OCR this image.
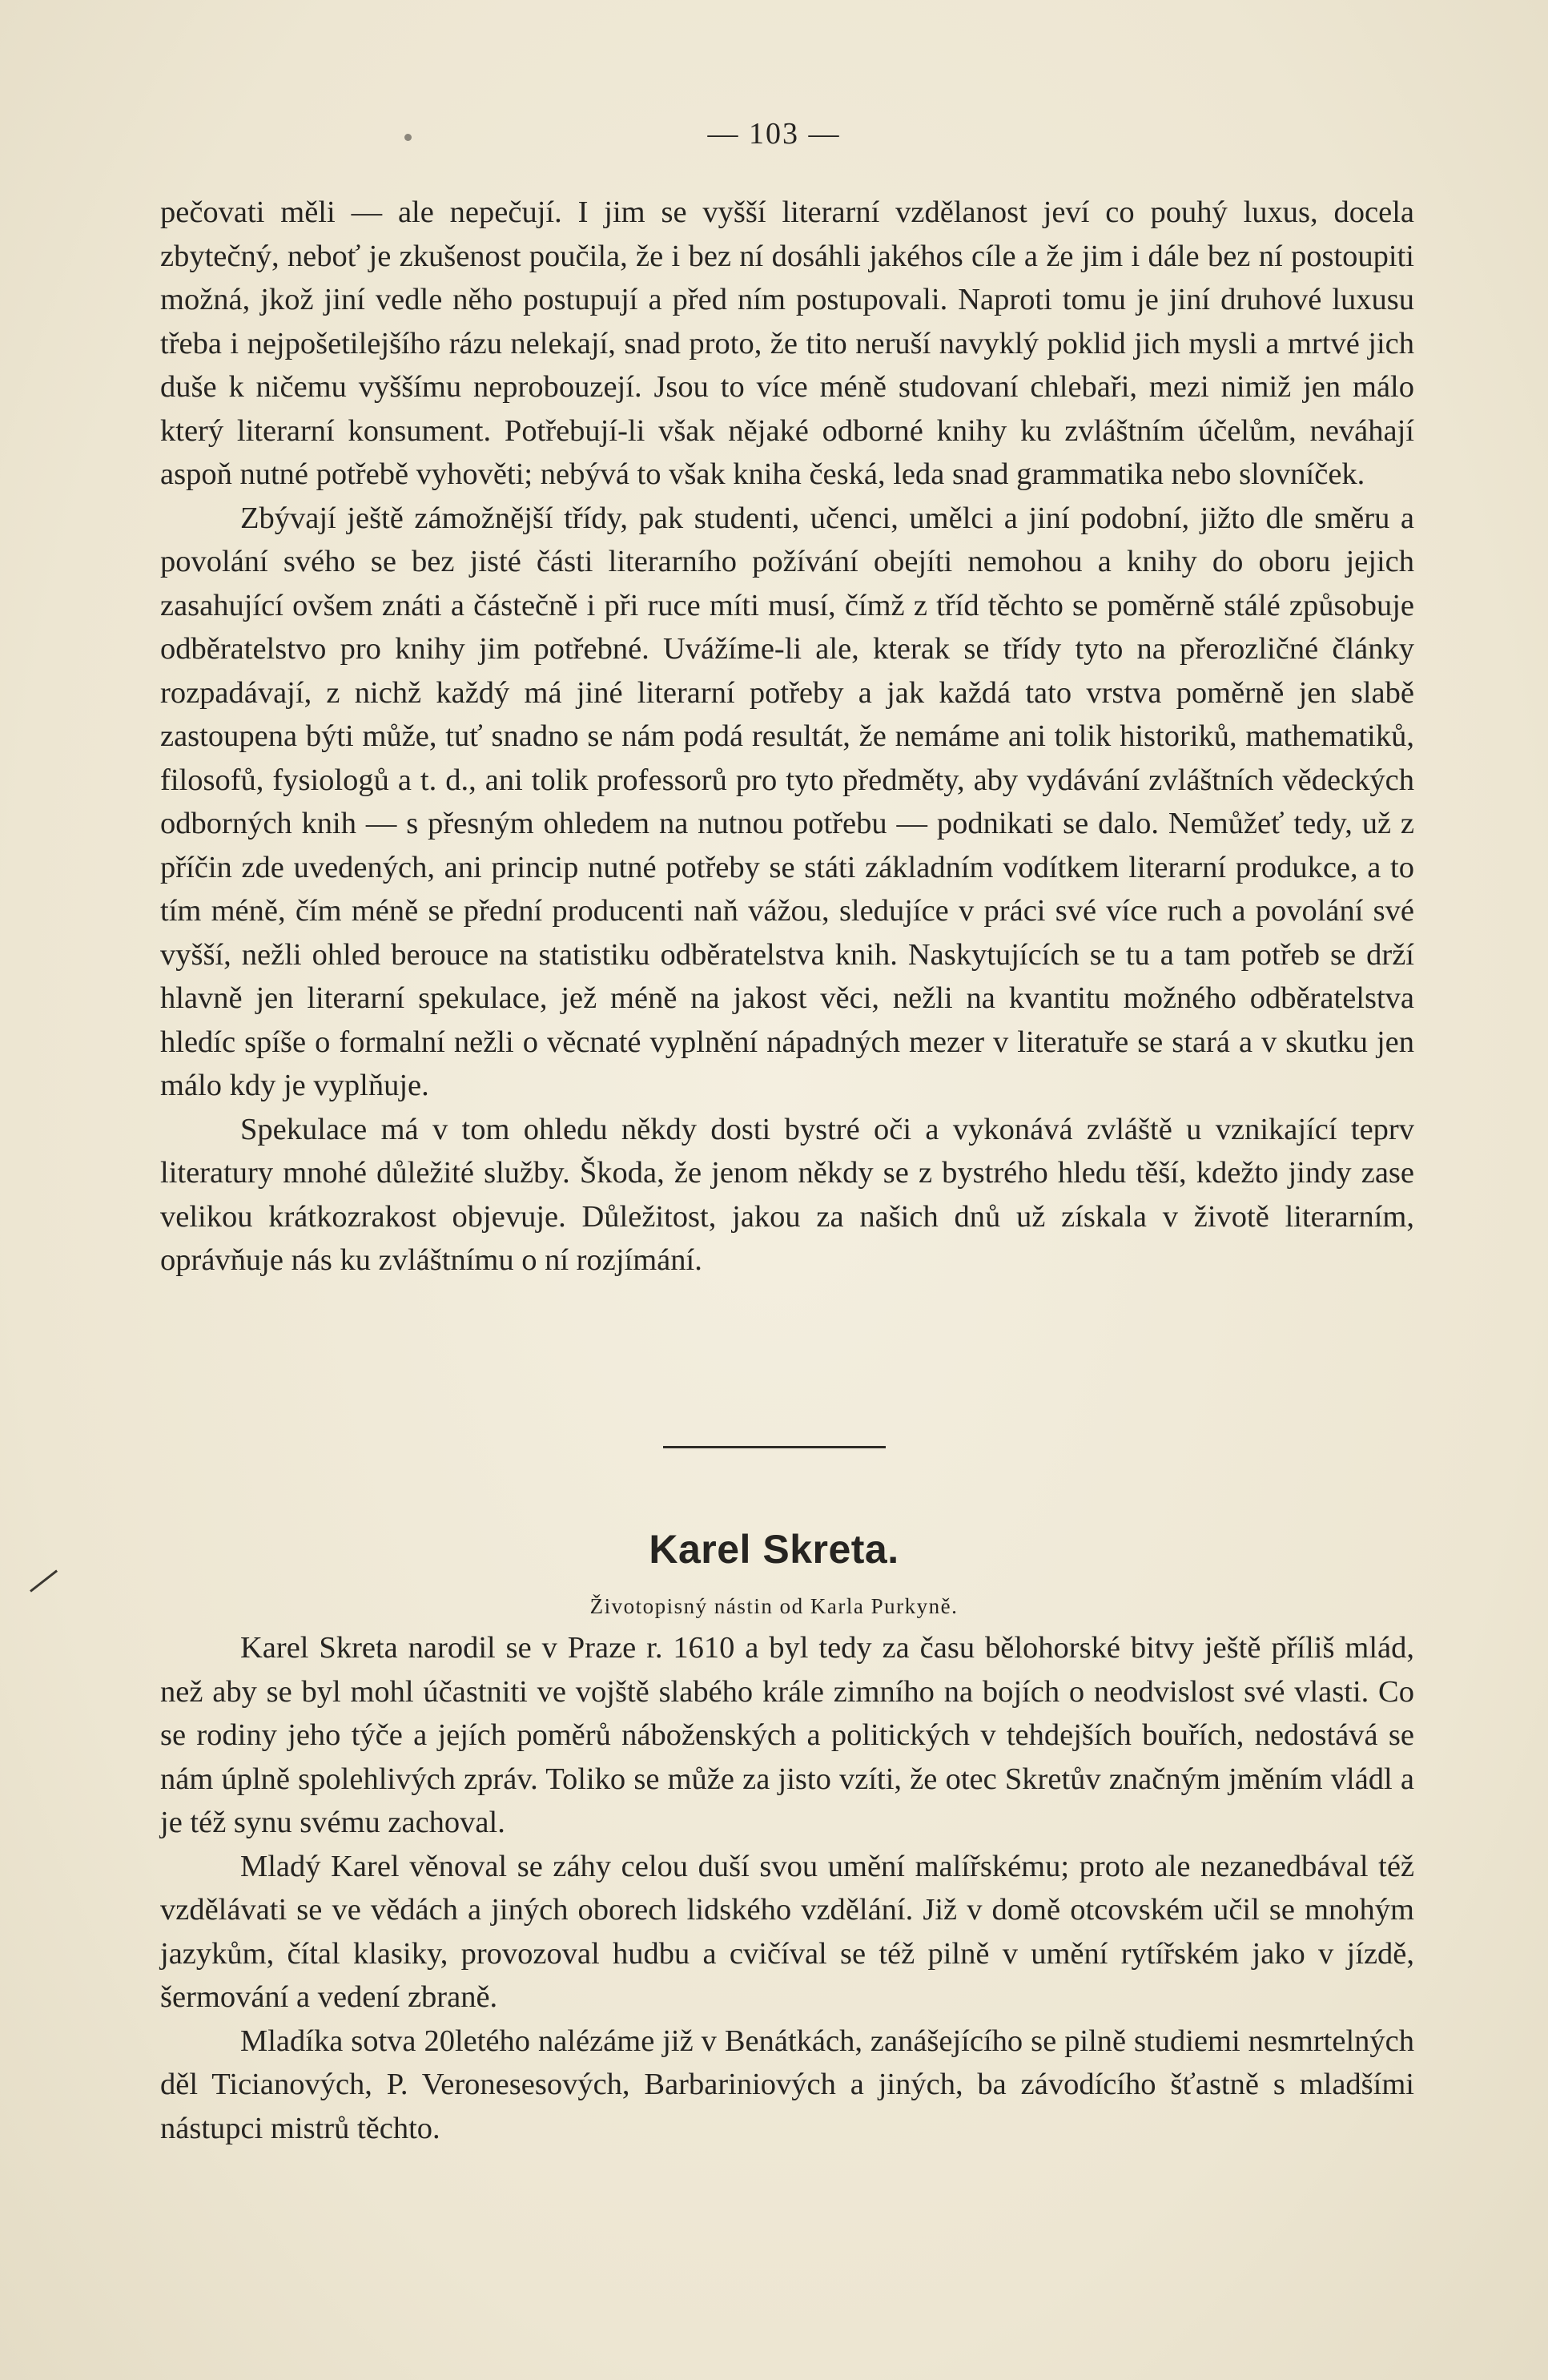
— 103 —

pečovati měli — ale nepečují. I jim se vyšší literarní vzdělanost jeví co pouhý luxus, docela zbytečný, neboť je zkušenost poučila, že i bez ní dosáhli jakéhos cíle a že jim i dále bez ní postoupiti možná, jkož jiní vedle něho postupují a před ním postupovali. Naproti tomu je jiní druhové luxusu třeba i nejpošetilejšího rázu nelekají, snad proto, že tito neruší navyklý poklid jich mysli a mrtvé jich duše k ničemu vyššímu neprobouzejí. Jsou to více méně studovaní chlebaři, mezi nimiž jen málo který literarní konsument. Potřebují-li však nějaké odborné knihy ku zvláštním účelům, neváhají aspoň nutné potřebě vyhověti; nebývá to však kniha česká, leda snad grammatika nebo slovníček.

Zbývají ještě zámožnější třídy, pak studenti, učenci, umělci a jiní podobní, jižto dle směru a povolání svého se bez jisté části literarního požívání obejíti nemohou a knihy do oboru jejich zasahující ovšem znáti a částečně i při ruce míti musí, čímž z tříd těchto se poměrně stálé způsobuje odběratelstvo pro knihy jim potřebné. Uvážíme-li ale, kterak se třídy tyto na přerozličné články rozpadávají, z nichž každý má jiné literarní potřeby a jak každá tato vrstva poměrně jen slabě zastoupena býti může, tuť snadno se nám podá resultát, že nemáme ani tolik historiků, mathematiků, filosofů, fysiologů a t. d., ani tolik professorů pro tyto předměty, aby vydávání zvláštních vědeckých odborných knih — s přesným ohledem na nutnou potřebu — podnikati se dalo. Nemůžeť tedy, už z příčin zde uvedených, ani princip nutné potřeby se státi základním vodítkem literarní produkce, a to tím méně, čím méně se přední producenti naň vážou, sledujíce v práci své více ruch a povolání své vyšší, nežli ohled berouce na statistiku odběratelstva knih. Naskytujících se tu a tam potřeb se drží hlavně jen literarní spekulace, jež méně na jakost věci, nežli na kvantitu možného odběratelstva hledíc spíše o formalní nežli o věcnaté vyplnění nápadných mezer v literatuře se stará a v skutku jen málo kdy je vyplňuje.

Spekulace má v tom ohledu někdy dosti bystré oči a vykonává zvláště u vznikající teprv literatury mnohé důležité služby. Škoda, že jenom někdy se z bystrého hledu těší, kdežto jindy zase velikou krátkozrakost objevuje. Důležitost, jakou za našich dnů už získala v životě literarním, oprávňuje nás ku zvláštnímu o ní rozjímání.

Karel Skreta.
Životopisný nástin od Karla Purkyně.

Karel Skreta narodil se v Praze r. 1610 a byl tedy za času bělohorské bitvy ještě příliš mlád, než aby se byl mohl účastniti ve vojště slabého krále zimního na bojích o neodvislost své vlasti. Co se rodiny jeho týče a jejích poměrů náboženských a politických v tehdejších bouřích, nedostává se nám úplně spolehlivých zpráv. Toliko se může za jisto vzíti, že otec Skretův značným jměním vládl a je též synu svému zachoval.

Mladý Karel věnoval se záhy celou duší svou umění malířskému; proto ale nezanedbával též vzdělávati se ve vědách a jiných oborech lidského vzdělání. Již v domě otcovském učil se mnohým jazykům, čítal klasiky, provozoval hudbu a cvičíval se též pilně v umění rytířském jako v jízdě, šermování a vedení zbraně.

Mladíka sotva 20letého nalézáme již v Benátkách, zanášejícího se pilně studiemi nesmrtelných děl Ticianových, P. Veronesesových, Barbariniových a jiných, ba závodícího šťastně s mladšími nástupci mistrů těchto.
